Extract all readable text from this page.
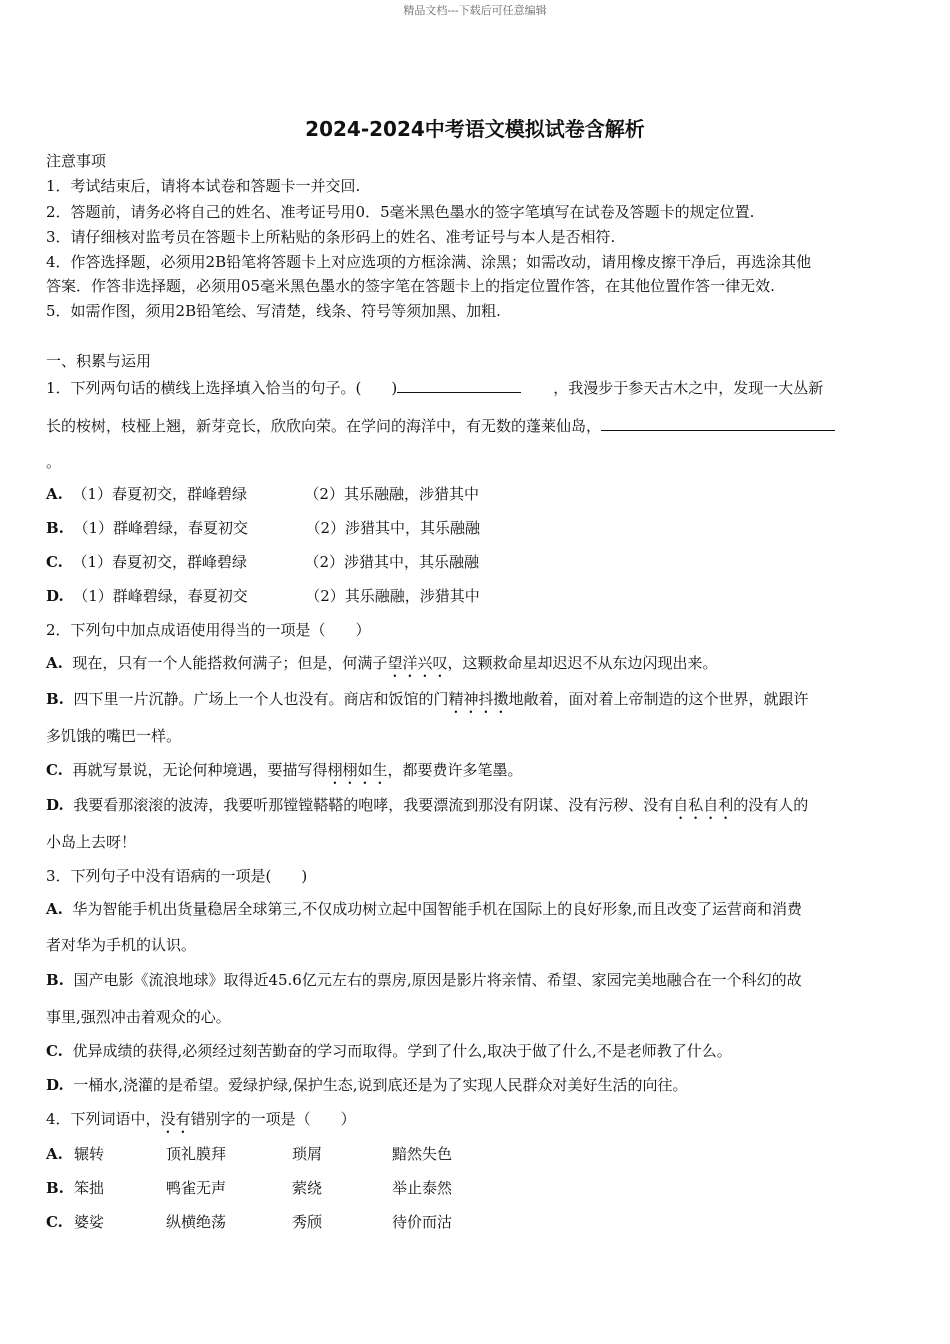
精品文档---下载后可任意编辑
2024-2024中考语文模拟试卷含解析
注意事项
1．考试结束后，请将本试卷和答题卡一并交回.
2．答题前，请务必将自己的姓名、准考证号用0．5毫米黑色墨水的签字笔填写在试卷及答题卡的规定位置.
3．请仔细核对监考员在答题卡上所粘贴的条形码上的姓名、准考证号与本人是否相符.
4．作答选择题，必须用2B铅笔将答题卡上对应选项的方框涂满、涂黑；如需改动，请用橡皮擦干净后，再选涂其他
答案．作答非选择题，必须用05毫米黑色墨水的签字笔在答题卡上的指定位置作答，在其他位置作答一律无效.
5．如需作图，须用2B铅笔绘、写清楚，线条、符号等须加黑、加粗.
一、积累与运用
1．下列两句话的横线上选择填入恰当的句子。(　　)	，我漫步于参天古木之中，发现一大丛新
长的桉树，枝桠上翘，新芽竞长，欣欣向荣。在学问的海洋中，有无数的蓬莱仙岛，
。
A. （1）春夏初交，群峰碧绿	（2）其乐融融，涉猎其中
B. （1）群峰碧绿，春夏初交	（2）涉猎其中，其乐融融
C. （1）春夏初交，群峰碧绿	（2）涉猎其中，其乐融融
D. （1）群峰碧绿，春夏初交	（2）其乐融融，涉猎其中
2．下列句中加点成语使用得当的一项是（　　）
A. 现在，只有一个人能搭救何满子；但是，何满子望洋兴叹，这颗救命星却迟迟不从东边闪现出来。
B. 四下里一片沉静。广场上一个人也没有。商店和饭馆的门精神抖擞地敞着，面对着上帝制造的这个世界，就跟许
多饥饿的嘴巴一样。
C. 再就写景说，无论何种境遇，要描写得栩栩如生，都要费许多笔墨。
D. 我要看那滚滚的波涛，我要听那镗镗鞳鞳的咆哮，我要漂流到那没有阴谋、没有污秽、没有自私自利的没有人的
小岛上去呀！
3．下列句子中没有语病的一项是(　　)
A. 华为智能手机出货量稳居全球第三,不仅成功树立起中国智能手机在国际上的良好形象,而且改变了运营商和消费
者对华为手机的认识。
B. 国产电影《流浪地球》取得近45.6亿元左右的票房,原因是影片将亲情、希望、家园完美地融合在一个科幻的故
事里,强烈冲击着观众的心。
C. 优异成绩的获得,必须经过刻苦勤奋的学习而取得。学到了什么,取决于做了什么,不是老师教了什么。
D. 一桶水,浇灌的是希望。爱绿护绿,保护生态,说到底还是为了实现人民群众对美好生活的向往。
4．下列词语中，没有错别字的一项是（　　）
A. 辗转	顶礼膜拜	琐屑	黯然失色
B. 笨拙	鸭雀无声	萦绕	举止泰然
C. 婆娑	纵横绝荡	秀颀	待价而沽
